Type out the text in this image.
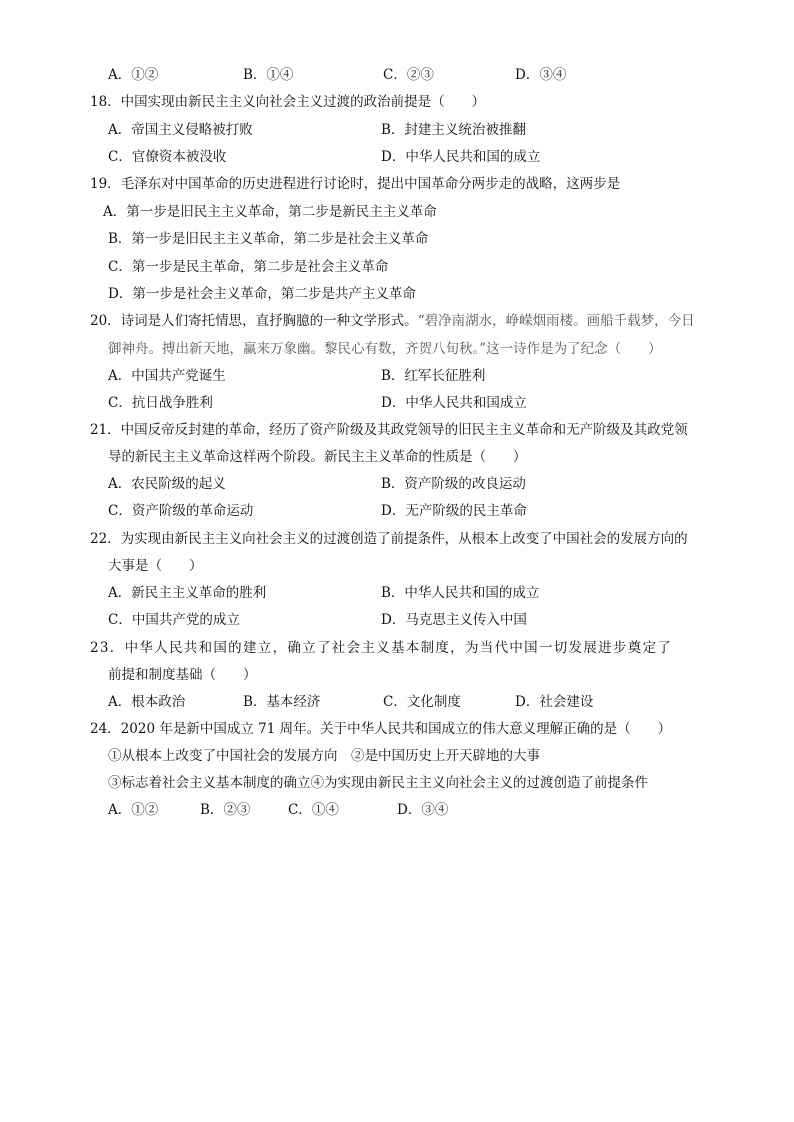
A．①②	B．①④	C．②③	D．③④
18．中国实现由新民主主义向社会主义过渡的政治前提是（　　）
A．帝国主义侵略被打败	B．封建主义统治被推翻
C．官僚资本被没收	D．中华人民共和国的成立
19．毛泽东对中国革命的历史进程进行讨论时，提出中国革命分两步走的战略，这两步是
A．第一步是旧民主主义革命，第二步是新民主主义革命
B．第一步是旧民主主义革命，第二步是社会主义革命
C．第一步是民主革命，第二步是社会主义革命
D．第一步是社会主义革命，第二步是共产主义革命
20．诗词是人们寄托情思，直抒胸臆的一种文学形式。“碧净南湖水，峥嵘烟雨楼。画船千载梦，今日
御神舟。搏出新天地，赢来万象幽。黎民心有数，齐贺八旬秋。”这一诗作是为了纪念（　　）
A．中国共产党诞生	B．红军长征胜利
C．抗日战争胜利	D．中华人民共和国成立
21．中国反帝反封建的革命，经历了资产阶级及其政党领导的旧民主主义革命和无产阶级及其政党领
导的新民主主义革命这样两个阶段。新民主主义革命的性质是（　　）
A．农民阶级的起义	B．资产阶级的改良运动
C．资产阶级的革命运动	D．无产阶级的民主革命
22．为实现由新民主主义向社会主义的过渡创造了前提条件，从根本上改变了中国社会的发展方向的
大事是（　　）
A．新民主主义革命的胜利	B．中华人民共和国的成立
C．中国共产党的成立	D．马克思主义传入中国
23．中华人民共和国的建立，确立了社会主义基本制度，为当代中国一切发展进步奠定了
前提和制度基础（　　）
A．根本政治	B．基本经济	C．文化制度	D．社会建设
24．2020 年是新中国成立 71 周年。关于中华人民共和国成立的伟大意义理解正确的是（　　）
①从根本上改变了中国社会的发展方向　②是中国历史上开天辟地的大事
③标志着社会主义基本制度的确立④为实现由新民主主义向社会主义的过渡创造了前提条件
A．①②	B．②③	C．①④	D．③④
